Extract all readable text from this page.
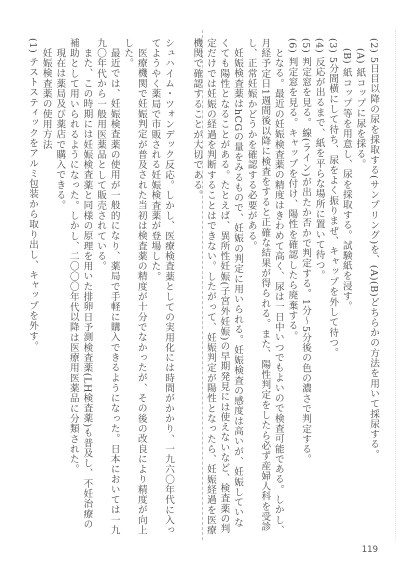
(2) 5日目以降の尿を採取する(サンプリング)を、(A)(B)どちらかの方法を用いて採尿する。

(A) 紙コップに尿を採る。

(B) 紙コップ等を用意し、尿を採取する。試験紙を浸す。

(3) 5分間横にして待ち、尿をよく振りまぜ、キャップを外して待つ。

(4) 反応が出るまで、紙を平らな場所に置いて待つ。

(5) 判定窓を見る。線(ライン)が出たか否かで判定する。1分〜5分後の色の濃さで判定する。

(6) 判定窓を見る。キャップを付け、陽性を確認したら廃棄する。

となる。最近の妊娠検査薬の精度はきわめて高く、尿は一日中いつでもよいので検査可能である。しかし、月経予定日1週間後以降に検査をすると正確な結果が得られる。また、陽性判定をしたら必ず産婦人科を受診し、正常妊娠かどうかを確認する必要がある。

妊娠検査薬はhCGの量をみるもので、妊娠の判定に用いられる。妊娠検査の感度は高いが、妊娠していなくても陽性となることがある。たとえば、異所性妊娠(子宮外妊娠)の早期発見には使えないなど、検査薬の判定だけでは妊娠の経過を判断することはできない。したがって、妊娠判定が陽性となったら、妊娠経過を医療機関で確認することが大切である。

シュハイム・ツォンデック反応。しかし、医療検査薬としての実用化には時間がかかり、一九六〇年代に入ってようやく薬局で市販される妊娠検査薬が登場した。

医療機関で妊娠判定が普及された当初は検査薬の精度が十分でなかったが、その後の改良により精度が向上した。

最近では、妊娠検査薬の使用が一般的になり、薬局で手軽に購入できるようになった。日本においては一九九〇年代から一般用医薬品として販売されている。

また、この時期には妊娠検査薬と同様の原理を用いた排卵日予測検査薬(LH検査薬)も普及し、不妊治療の補助として用いられるようになった。しかし、二〇〇〇年代以降は医療用医薬品に分類された。

現在は薬局及び薬店で購入できる。

妊娠検査薬の使用方法

(1) テストスティックをアルミ包装から取り出し、キャップを外す。

119
